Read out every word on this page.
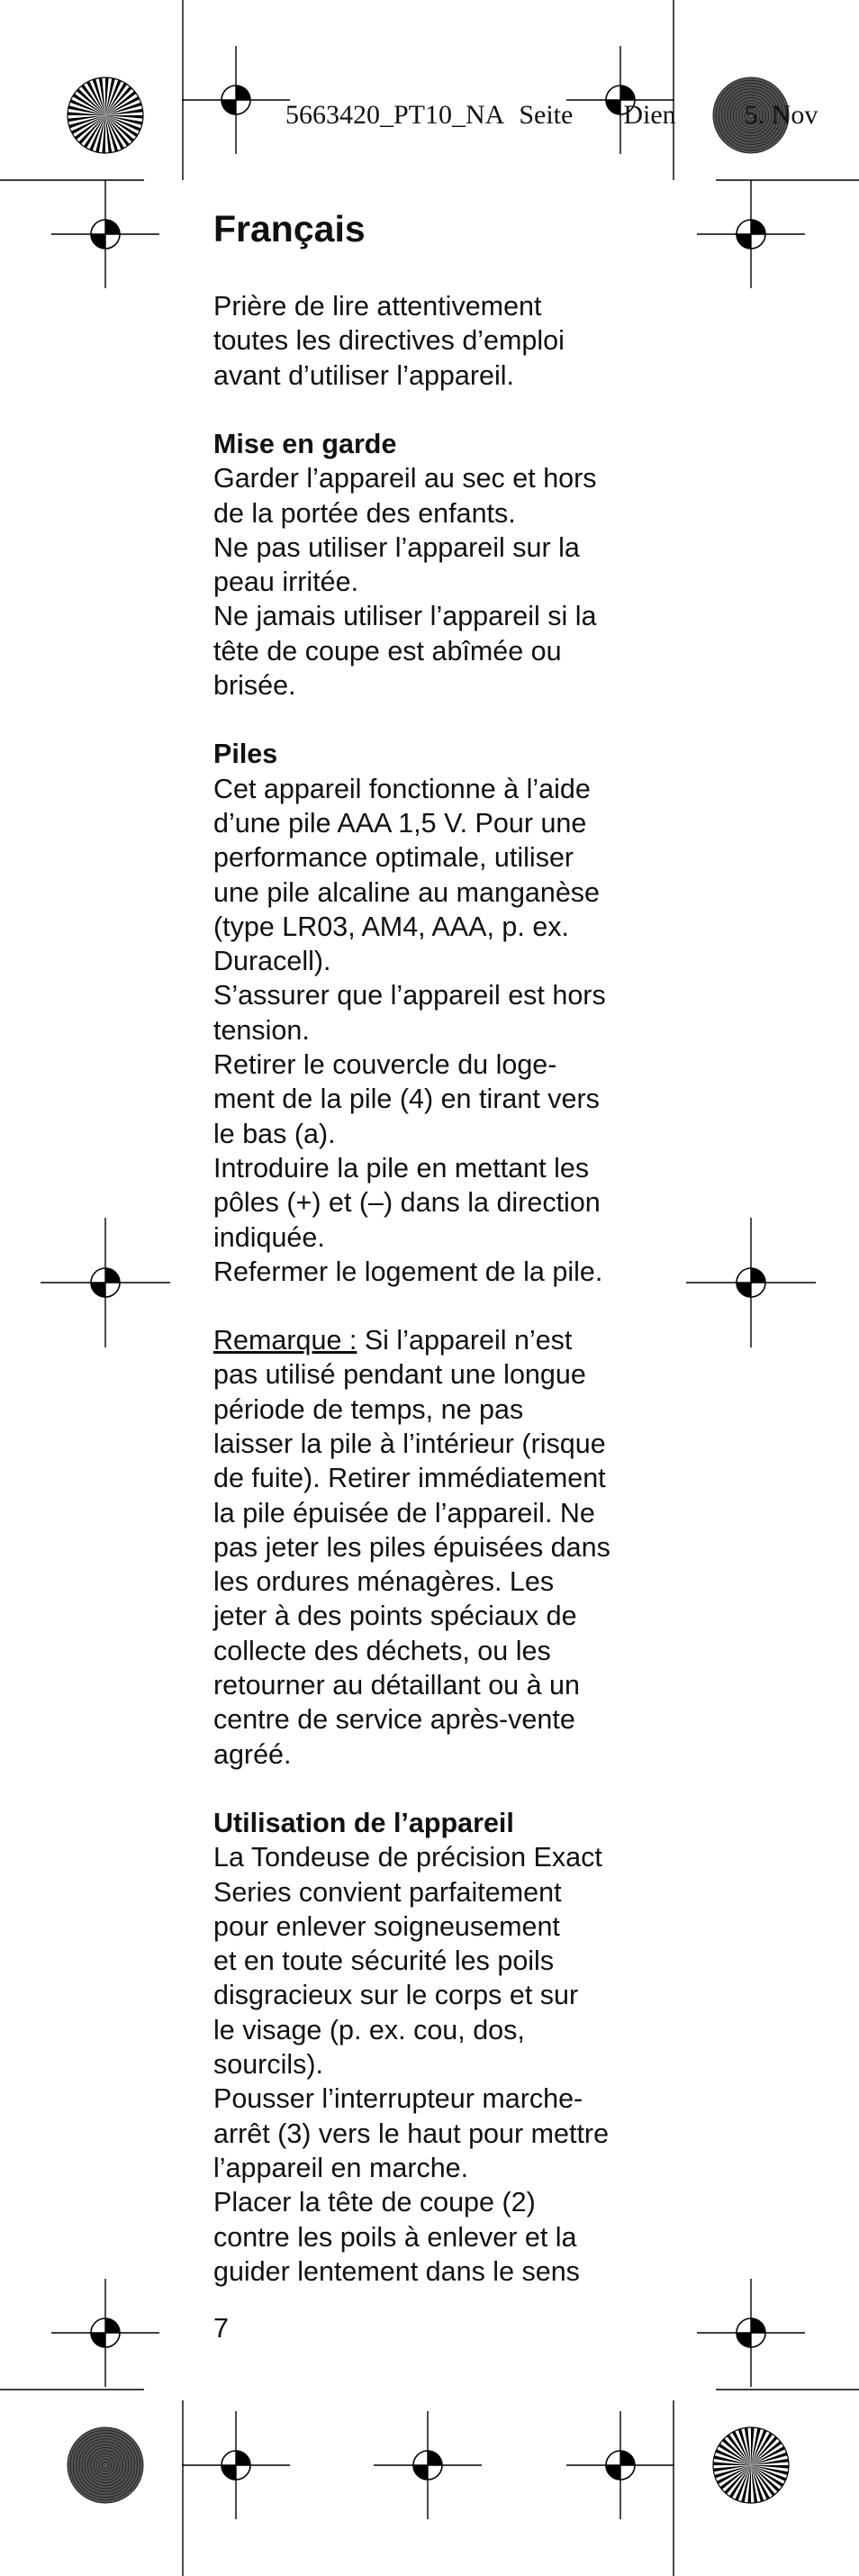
5663420_PT10_NA Seite Dien	5. Nov
Français

Prière de lire attentivement

toutes les directives d’emploi

avant d’utiliser l’appareil.

Mise en garde

Garder l’appareil au sec et hors

de la portée des enfants.

Ne pas utiliser l’appareil sur la

peau irritée.

Ne jamais utiliser l’appareil si la

tête de coupe est abîmée ou

brisée.

Piles

Cet appareil fonctionne à l’aide

d’une pile AAA 1,5 V. Pour une

performance optimale, utiliser

une pile alcaline au manganèse

(type LR03, AM4, AAA, p. ex.

Duracell).

S’assurer que l’appareil est hors

tension.

Retirer le couvercle du loge-

ment de la pile (4) en tirant vers

le bas (a).

Introduire la pile en mettant les

pôles (+) et (–) dans la direction

indiquée.

Refermer le logement de la pile.

Remarque : Si l’appareil n’est

pas utilisé pendant une longue

période de temps, ne pas

laisser la pile à l’intérieur (risque

de fuite). Retirer immédiatement

la pile épuisée de l’appareil. Ne

pas jeter les piles épuisées dans

les ordures ménagères. Les

jeter à des points spéciaux de

collecte des déchets, ou les

retourner au détaillant ou à un

centre de service après-vente

agréé.

Utilisation de l’appareil

La Tondeuse de précision Exact

Series convient parfaitement

pour enlever soigneusement

et en toute sécurité les poils

disgracieux sur le corps et sur

le visage (p. ex. cou, dos,

sourcils).

Pousser l’interrupteur marche-

arrêt (3) vers le haut pour mettre

l’appareil en marche.

Placer la tête de coupe (2)

contre les poils à enlever et la

guider lentement dans le sens

7
